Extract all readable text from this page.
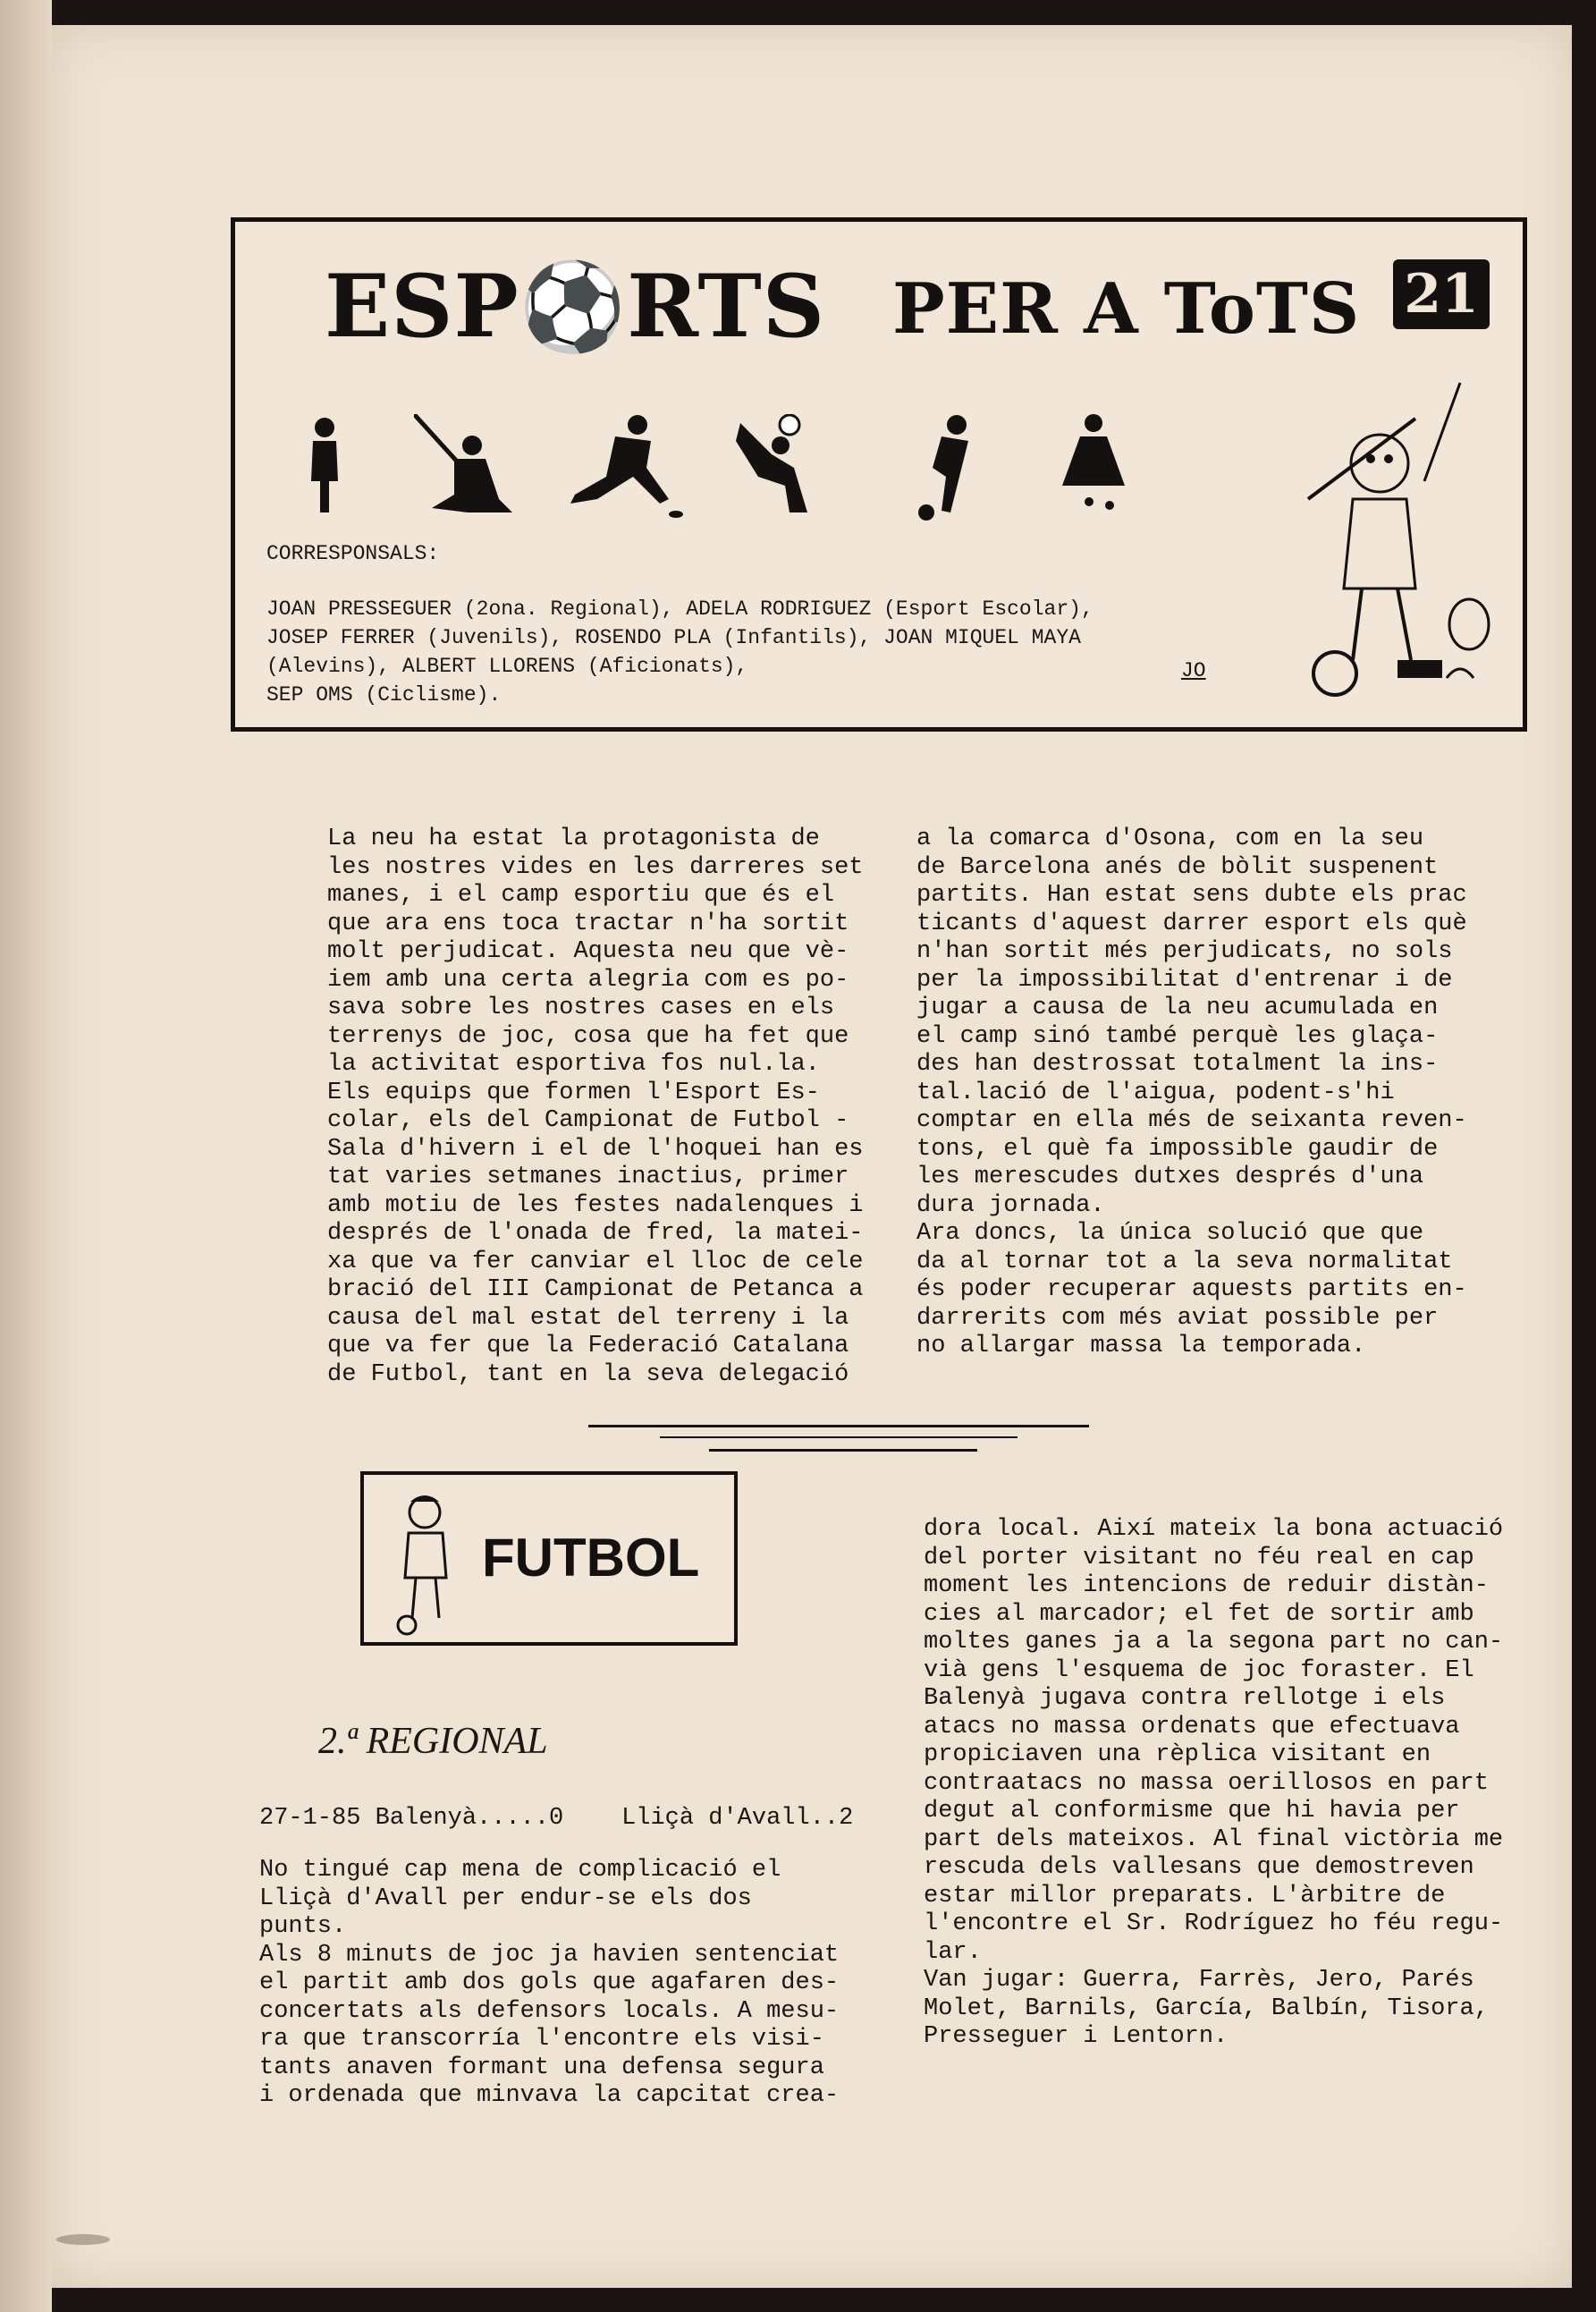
ESP⚽RTS PER A ToTS 21
CORRESPONSALS:
JOAN PRESSEGUER (2ona. Regional), ADELA RODRIGUEZ (Esport Escolar),
JOSEP FERRER (Juvenils), ROSENDO PLA (Infantils), JOAN MIQUEL MAYA
(Alevins), ALBERT LLORENS (Aficionats),
SEP OMS (Ciclisme).
JO
La neu ha estat la protagonista de
les nostres vides en les darreres set
manes, i el camp esportiu que és el
que ara ens toca tractar n'ha sortit
molt perjudicat. Aquesta neu que vè-
iem amb una certa alegria com es po-
sava sobre les nostres cases en els
terrenys de joc, cosa que ha fet que
la activitat esportiva fos nul.la.
Els equips que formen l'Esport Es-
colar, els del Campionat de Futbol -
Sala d'hivern i el de l'hoquei han es
tat varies setmanes inactius, primer
amb motiu de les festes nadalenques i
després de l'onada de fred, la matei-
xa que va fer canviar el lloc de cele
bració del III Campionat de Petanca a
causa del mal estat del terreny i la
que va fer que la Federació Catalana
de Futbol, tant en la seva delegació
a la comarca d'Osona, com en la seu
de Barcelona anés de bòlit suspenent
partits. Han estat sens dubte els prac
ticants d'aquest darrer esport els què
n'han sortit més perjudicats, no sols
per la impossibilitat d'entrenar i de
jugar a causa de la neu acumulada en
el camp sinó també perquè les glaça-
des han destrossat totalment la ins-
tal.lació de l'aigua, podent-s'hi
comptar en ella més de seixanta reven-
tons, el què fa impossible gaudir de
les merescudes dutxes després d'una
dura jornada.
Ara doncs, la única solució que que
da al tornar tot a la seva normalitat
és poder recuperar aquests partits en-
darrerits com més aviat possible per
no allargar massa la temporada.
FUTBOL
2.ª REGIONAL
27-1-85 Balenyà.....0    Lliçà d'Avall..2
No tingué cap mena de complicació el
Lliçà d'Avall per endur-se els dos punts.
Als 8 minuts de joc ja havien sentenciat
el partit amb dos gols que agafaren des-
concertats als defensors locals. A mesu-
ra que transcorría l'encontre els visi-
tants anaven formant una defensa segura
i ordenada que minvava la capcitat crea-
dora local. Així mateix la bona actuació
del porter visitant no féu real en cap
moment les intencions de reduir distàn-
cies al marcador; el fet de sortir amb
moltes ganes ja a la segona part no can-
vià gens l'esquema de joc foraster. El
Balenyà jugava contra rellotge i els
atacs no massa ordenats que efectuava
propiciaven una rèplica visitant en
contraatacs no massa oerillosos en part
degut al conformisme que hi havia per
part dels mateixos. Al final victòria me
rescuda dels vallesans que demostreven
estar millor preparats. L'àrbitre de
l'encontre el Sr. Rodríguez ho féu regu-
lar.
Van jugar: Guerra, Farrès, Jero, Parés
Molet, Barnils, García, Balbín, Tisora,
Presseguer i Lentorn.
